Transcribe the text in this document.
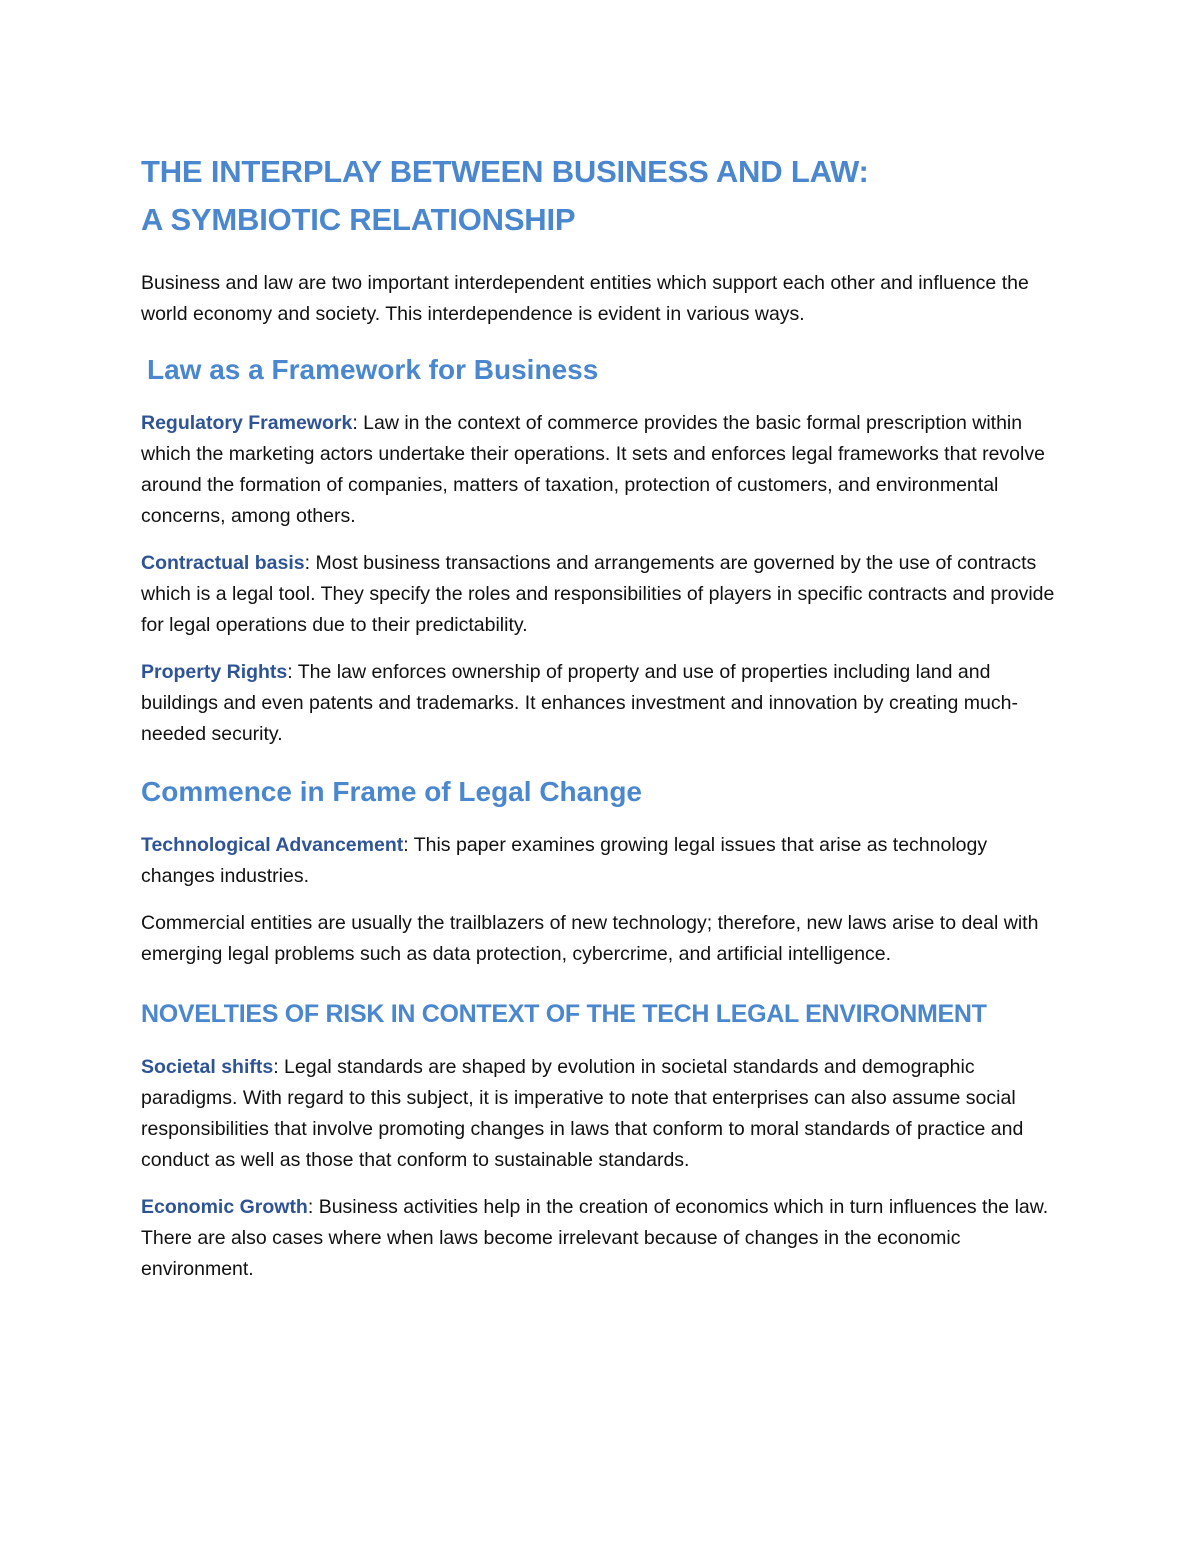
THE INTERPLAY BETWEEN BUSINESS AND LAW:
A SYMBIOTIC RELATIONSHIP

Business and law are two important interdependent entities which support each other and influence the world economy and society. This interdependence is evident in various ways.

Law as a Framework for Business

Regulatory Framework: Law in the context of commerce provides the basic formal prescription within which the marketing actors undertake their operations. It sets and enforces legal frameworks that revolve around the formation of companies, matters of taxation, protection of customers, and environmental concerns, among others.

Contractual basis: Most business transactions and arrangements are governed by the use of contracts which is a legal tool. They specify the roles and responsibilities of players in specific contracts and provide for legal operations due to their predictability.

Property Rights: The law enforces ownership of property and use of properties including land and buildings and even patents and trademarks. It enhances investment and innovation by creating much-needed security.

Commence in Frame of Legal Change

Technological Advancement: This paper examines growing legal issues that arise as technology changes industries.

Commercial entities are usually the trailblazers of new technology; therefore, new laws arise to deal with emerging legal problems such as data protection, cybercrime, and artificial intelligence.

NOVELTIES OF RISK IN CONTEXT OF THE TECH LEGAL ENVIRONMENT

Societal shifts: Legal standards are shaped by evolution in societal standards and demographic paradigms. With regard to this subject, it is imperative to note that enterprises can also assume social responsibilities that involve promoting changes in laws that conform to moral standards of practice and conduct as well as those that conform to sustainable standards.

Economic Growth: Business activities help in the creation of economics which in turn influences the law. There are also cases where when laws become irrelevant because of changes in the economic environment.
